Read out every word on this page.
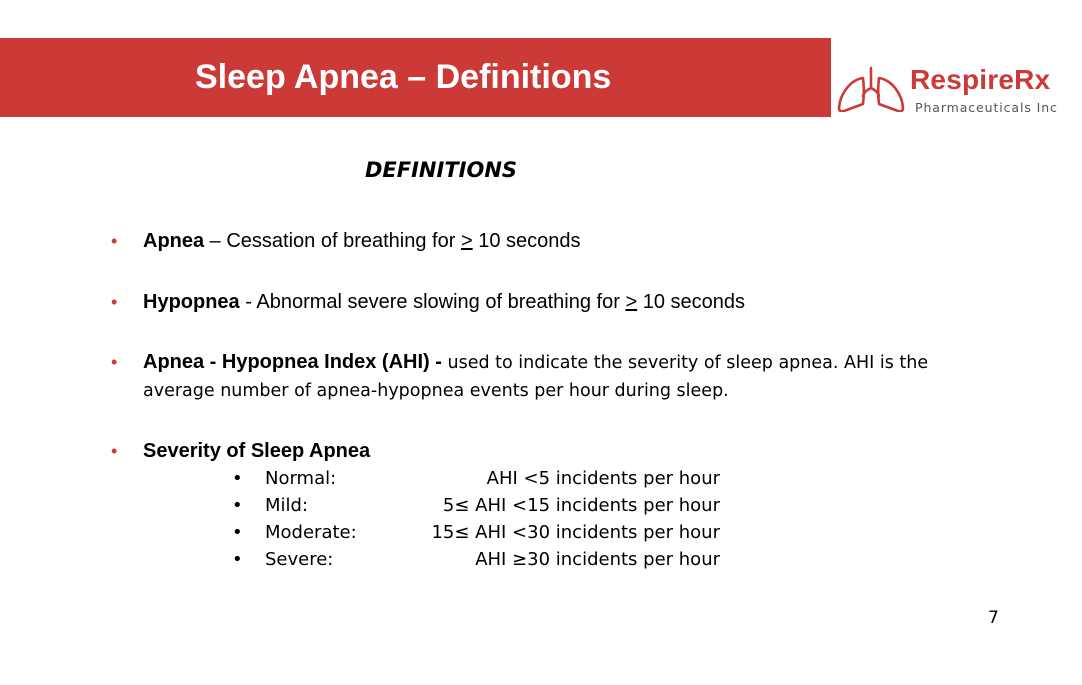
Sleep Apnea – Definitions	RespireRx
Pharmaceuticals Inc
DEFINITIONS
• Apnea – Cessation of breathing for ≥ 10 seconds
• Hypopnea - Abnormal severe slowing of breathing for ≥ 10 seconds
• Apnea - Hypopnea Index (AHI) - used to indicate the severity of sleep apnea. AHI is the average number of apnea-hypopnea events per hour during sleep.
• Severity of Sleep Apnea
• Normal:	AHI <5 incidents per hour
• Mild:	5≤ AHI <15 incidents per hour
• Moderate:	15≤ AHI <30 incidents per hour
• Severe:	AHI ≥30 incidents per hour
7
